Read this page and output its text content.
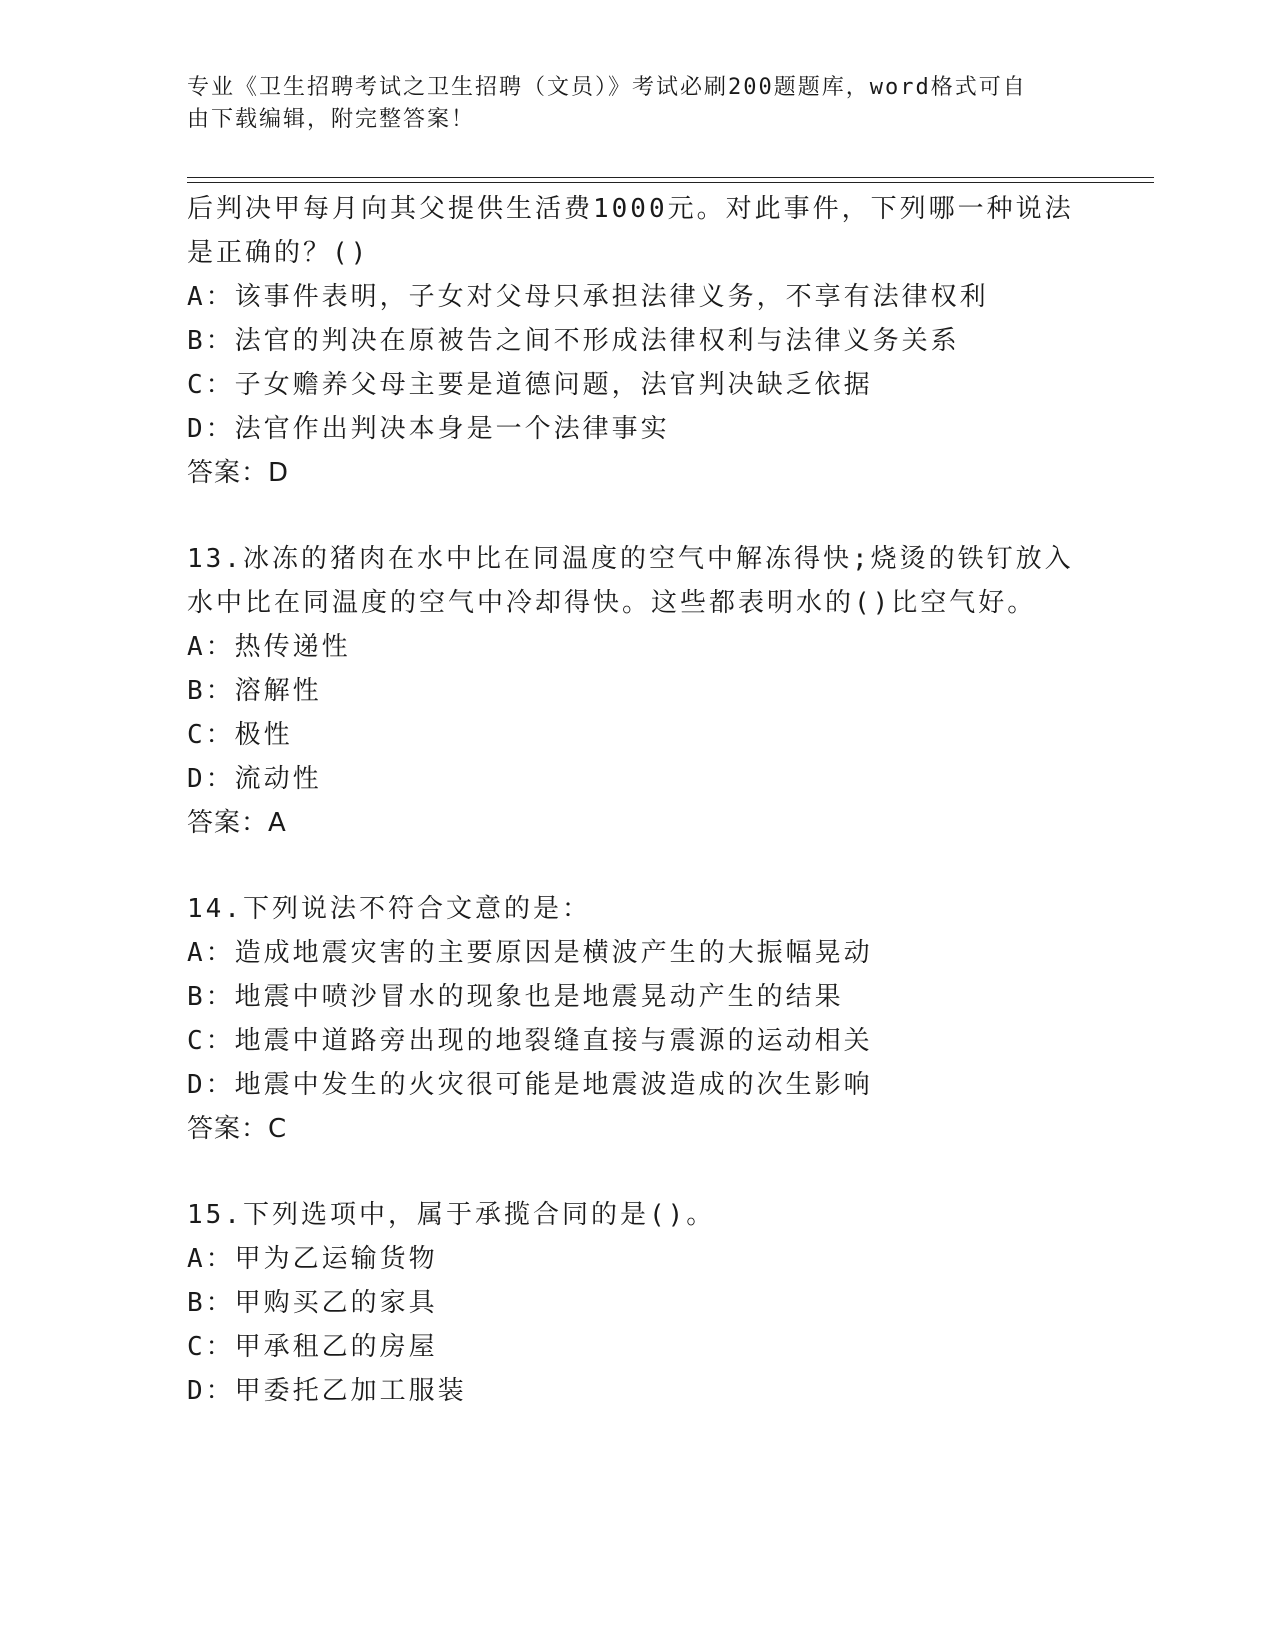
专业《卫生招聘考试之卫生招聘（文员）》考试必刷200题题库，word格式可自
由下载编辑，附完整答案！
后判决甲每月向其父提供生活费1000元。对此事件，下列哪一种说法
是正确的？()
A：该事件表明，子女对父母只承担法律义务，不享有法律权利
B：法官的判决在原被告之间不形成法律权利与法律义务关系
C：子女赡养父母主要是道德问题，法官判决缺乏依据
D：法官作出判决本身是一个法律事实
答案：D
13.冰冻的猪肉在水中比在同温度的空气中解冻得快;烧烫的铁钉放入
水中比在同温度的空气中冷却得快。这些都表明水的()比空气好。
A：热传递性
B：溶解性
C：极性
D：流动性
答案：A
14.下列说法不符合文意的是：
A：造成地震灾害的主要原因是横波产生的大振幅晃动
B：地震中喷沙冒水的现象也是地震晃动产生的结果
C：地震中道路旁出现的地裂缝直接与震源的运动相关
D：地震中发生的火灾很可能是地震波造成的次生影响
答案：C
15.下列选项中，属于承揽合同的是()。
A：甲为乙运输货物
B：甲购买乙的家具
C：甲承租乙的房屋
D：甲委托乙加工服装
